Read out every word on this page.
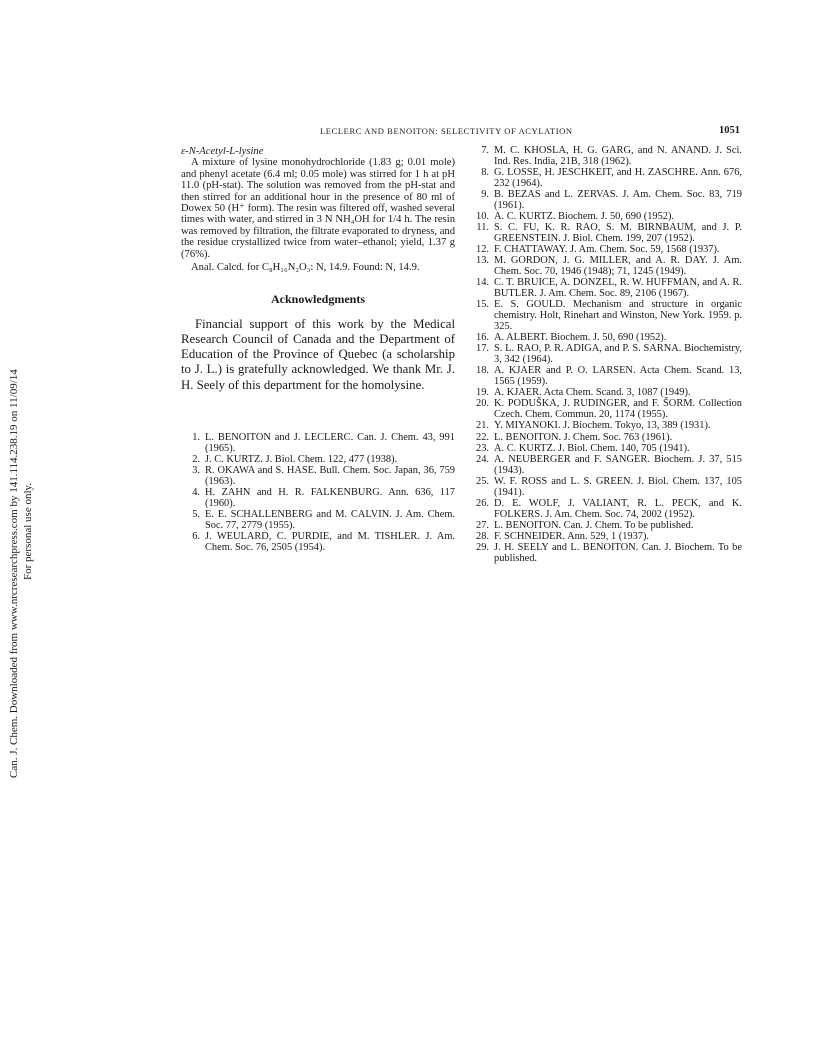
Can. J. Chem. Downloaded from www.nrcresearchpress.com by 141.114.238.19 on 11/09/14 For personal use only.
LECLERC AND BENOITON: SELECTIVITY OF ACYLATION	1051

ε-N-Acetyl-L-lysine

A mixture of lysine monohydrochloride (1.83 g; 0.01 mole) and phenyl acetate (6.4 ml; 0.05 mole) was stirred for 1 h at pH 11.0 (pH-stat). The solution was removed from the pH-stat and then stirred for an additional hour in the presence of 80 ml of Dowex 50 (H⁺ form). The resin was filtered off, washed several times with water, and stirred in 3 N NH₄OH for 1/4 h. The resin was removed by filtration, the filtrate evaporated to dryness, and the residue crystallized twice from water–ethanol; yield, 1.37 g (76%).

Anal. Calcd. for C₈H₁₆N₂O₃: N, 14.9. Found: N, 14.9.

Acknowledgments

Financial support of this work by the Medical Research Council of Canada and the Department of Education of the Province of Quebec (a scholarship to J. L.) is gratefully acknowledged. We thank Mr. J. H. Seely of this department for the homolysine.

1. L. BENOITON and J. LECLERC. Can. J. Chem. 43, 991 (1965).
2. J. C. KURTZ. J. Biol. Chem. 122, 477 (1938).
3. R. OKAWA and S. HASE. Bull. Chem. Soc. Japan, 36, 759 (1963).
4. H. ZAHN and H. R. FALKENBURG. Ann. 636, 117 (1960).
5. E. E. SCHALLENBERG and M. CALVIN. J. Am. Chem. Soc. 77, 2779 (1955).
6. J. WEULARD, C. PURDIE, and M. TISHLER. J. Am. Chem. Soc. 76, 2505 (1954).
7. M. C. KHOSLA, H. G. GARG, and N. ANAND. J. Sci. Ind. Res. India, 21B, 318 (1962).
8. G. LOSSE, H. JESCHKEIT, and H. ZASCHRE. Ann. 676, 232 (1964).
9. B. BEZAS and L. ZERVAS. J. Am. Chem. Soc. 83, 719 (1961).
10. A. C. KURTZ. Biochem. J. 50, 690 (1952).
11. S. C. FU, K. R. RAO, S. M. BIRNBAUM, and J. P. GREENSTEIN. J. Biol. Chem. 199, 207 (1952).
12. F. CHATTAWAY. J. Am. Chem. Soc. 59, 1568 (1937).
13. M. GORDON, J. G. MILLER, and A. R. DAY. J. Am. Chem. Soc. 70, 1946 (1948); 71, 1245 (1949).
14. C. T. BRUICE, A. DONZEL, R. W. HUFFMAN, and A. R. BUTLER. J. Am. Chem. Soc. 89, 2106 (1967).
15. E. S. GOULD. Mechanism and structure in organic chemistry. Holt, Rinehart and Winston, New York. 1959. p. 325.
16. A. ALBERT. Biochem. J. 50, 690 (1952).
17. S. L. RAO, P. R. ADIGA, and P. S. SARNA. Biochemistry, 3, 342 (1964).
18. A. KJAER and P. O. LARSEN. Acta Chem. Scand. 13, 1565 (1959).
19. A. KJAER. Acta Chem. Scand. 3, 1087 (1949).
20. K. PODUŠKA, J. RUDINGER, and F. ŠORM. Collection Czech. Chem. Commun. 20, 1174 (1955).
21. Y. MIYANOKI. J. Biochem. Tokyo, 13, 389 (1931).
22. L. BENOITON. J. Chem. Soc. 763 (1961).
23. A. C. KURTZ. J. Biol. Chem. 140, 705 (1941).
24. A. NEUBERGER and F. SANGER. Biochem. J. 37, 515 (1943).
25. W. F. ROSS and L. S. GREEN. J. Biol. Chem. 137, 105 (1941).
26. D. E. WOLF, J. VALIANT, R. L. PECK, and K. FOLKERS. J. Am. Chem. Soc. 74, 2002 (1952).
27. L. BENOITON. Can. J. Chem. To be published.
28. F. SCHNEIDER. Ann. 529, 1 (1937).
29. J. H. SEELY and L. BENOITON. Can. J. Biochem. To be published.
